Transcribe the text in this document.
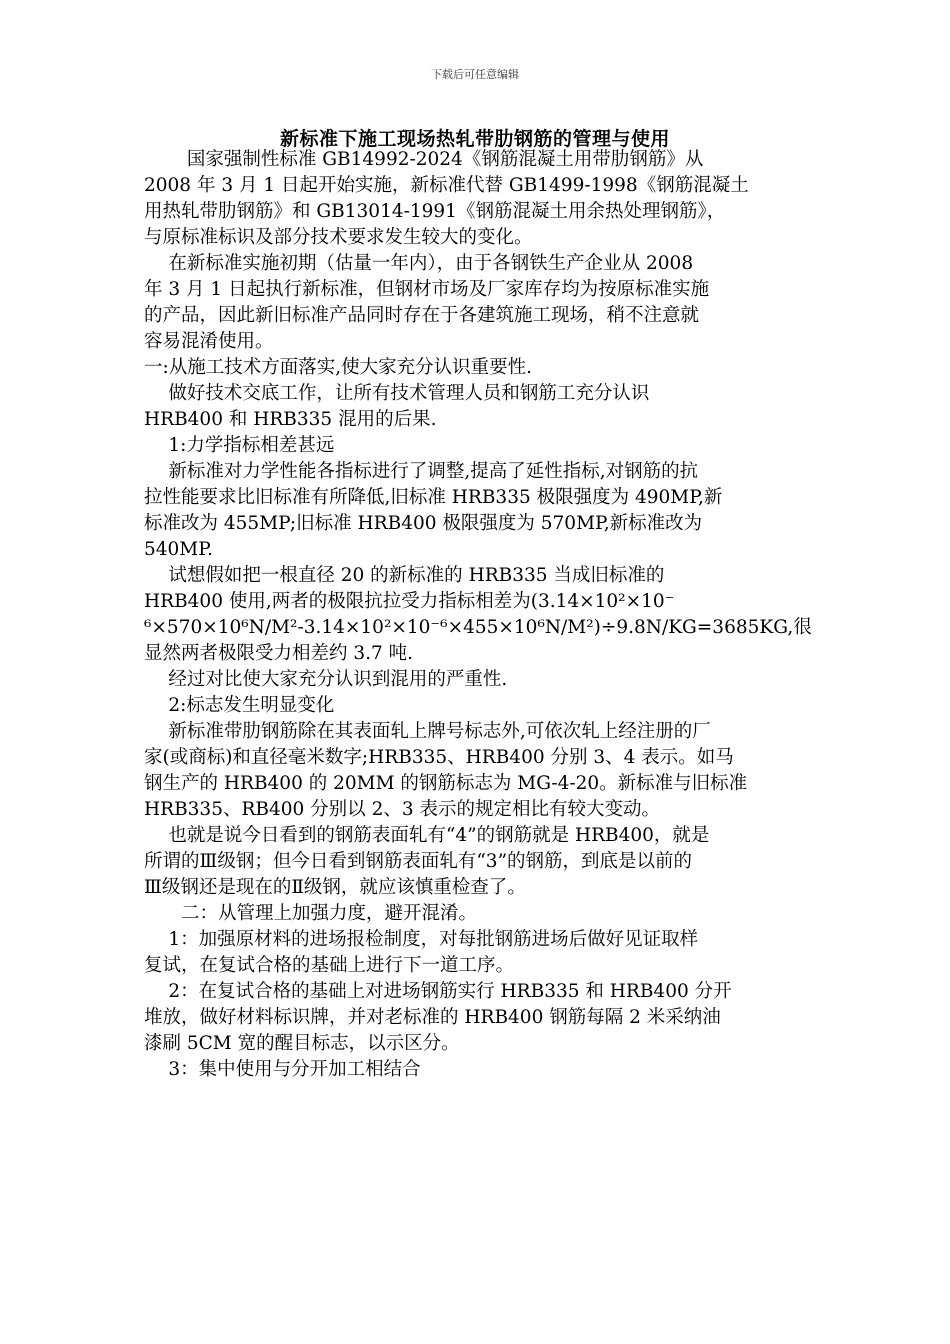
下载后可任意编辑
新标准下施工现场热轧带肋钢筋的管理与使用
　　 国家强制性标准 GB14992-2024《钢筋混凝土用带肋钢筋》从
2008 年 3 月 1 日起开始实施，新标准代替 GB1499-1998《钢筋混凝土
用热轧带肋钢筋》和 GB13014-1991《钢筋混凝土用余热处理钢筋》，
与原标准标识及部分技术要求发生较大的变化。
　 在新标准实施初期（估量一年内），由于各钢铁生产企业从 2008
年 3 月 1 日起执行新标准，但钢材市场及厂家库存均为按原标准实施
的产品，因此新旧标准产品同时存在于各建筑施工现场，稍不注意就
容易混淆使用。
一:从施工技术方面落实,使大家充分认识重要性.
　 做好技术交底工作，让所有技术管理人员和钢筋工充分认识
HRB400 和 HRB335 混用的后果.
　 1:力学指标相差甚远
　 新标准对力学性能各指标进行了调整,提高了延性指标,对钢筋的抗
拉性能要求比旧标准有所降低,旧标准 HRB335 极限强度为 490MP,新
标准改为 455MP;旧标准 HRB400 极限强度为 570MP,新标准改为
540MP.
　 试想假如把一根直径 20 的新标准的 HRB335 当成旧标准的
HRB400 使用,两者的极限抗拉受力指标相差为(3.14×10²×10⁻
⁶×570×10⁶N/M²-3.14×10²×10⁻⁶×455×10⁶N/M²)÷9.8N/KG=3685KG,很
显然两者极限受力相差约 3.7 吨.
　 经过对比使大家充分认识到混用的严重性.
　 2:标志发生明显变化
　 新标准带肋钢筋除在其表面轧上牌号标志外,可依次轧上经注册的厂
家(或商标)和直径毫米数字;HRB335、HRB400 分别 3、4 表示。如马
钢生产的 HRB400 的 20MM 的钢筋标志为 MG-4-20。新标准与旧标准
HRB335、RB400 分别以 2、3 表示的规定相比有较大变动。
　 也就是说今日看到的钢筋表面轧有“4”的钢筋就是 HRB400，就是
所谓的Ⅲ级钢；但今日看到钢筋表面轧有“3”的钢筋，到底是以前的
Ⅲ级钢还是现在的Ⅱ级钢，就应该慎重检查了。
　　二：从管理上加强力度，避开混淆。
　 1：加强原材料的进场报检制度，对每批钢筋进场后做好见证取样
复试，在复试合格的基础上进行下一道工序。
　 2：在复试合格的基础上对进场钢筋实行 HRB335 和 HRB400 分开
堆放，做好材料标识牌，并对老标准的 HRB400 钢筋每隔 2 米采纳油
漆刷 5CM 宽的醒目标志，以示区分。
　 3：集中使用与分开加工相结合
